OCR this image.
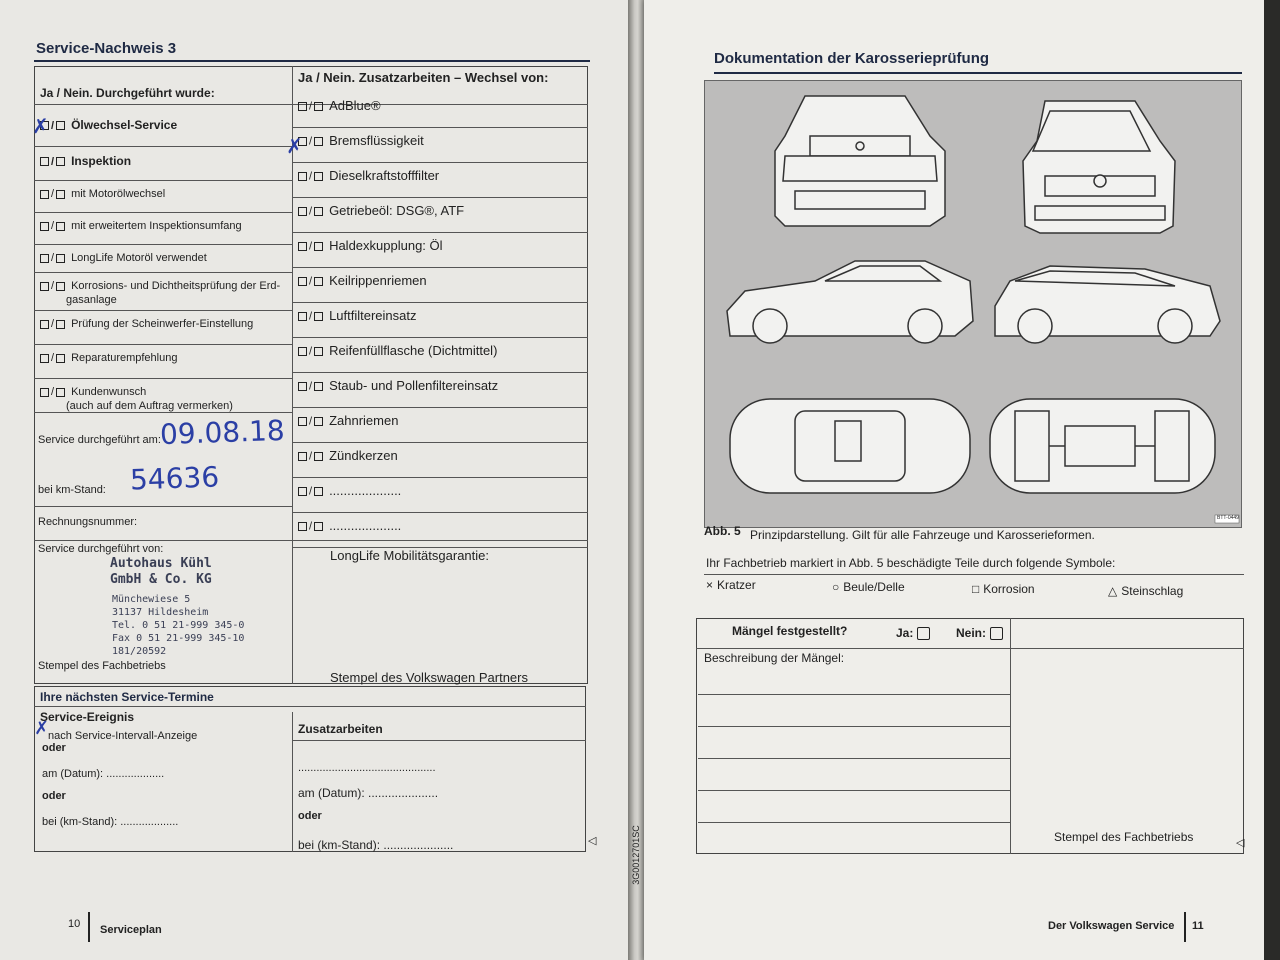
Service-Nachweis 3
Ja / Nein. Durchgeführt wurde:
Ja / Nein. Zusatzarbeiten – Wechsel von:
/ Ölwechsel-Service
/ Inspektion
/ mit Motorölwechsel
/ mit erweitertem Inspektionsumfang
/ LongLife Motoröl verwendet
/ Korrosions- und Dichtheitsprüfung der Erd-
gasanlage
/ Prüfung der Scheinwerfer-Einstellung
/ Reparaturempfehlung
/ Kundenwunsch
(auch auf dem Auftrag vermerken)
/ AdBlue®
/ Bremsflüssigkeit
/ Dieselkraftstofffilter
/ Getriebeöl: DSG®, ATF
/ Haldexkupplung: Öl
/ Keilrippenriemen
/ Luftfiltereinsatz
/ Reifenfüllflasche (Dichtmittel)
/ Staub- und Pollenfiltereinsatz
/ Zahnriemen
/ Zündkerzen
/ ....................
/ ....................
✗
✗
Service durchgeführt am:
09.08.18
bei km-Stand: 54636
Rechnungsnummer:
Service durchgeführt von:	LongLife Mobilitätsgarantie:
Autohaus Kühl
GmbH & Co. KG
Münchewiese 5
31137 Hildesheim
Tel. 0 51 21-999 345-0
Fax 0 51 21-999 345-10
181/20592
Stempel des Fachbetriebs
Stempel des Volkswagen Partners
Ihre nächsten Service-Termine
Service-Ereignis
Zusatzarbeiten
nach Service-Intervall-Anzeige
✗
oder
am (Datum): ...................
oder
bei (km-Stand): ...................
.............................................
am (Datum): .....................
oder
bei (km-Stand): .....................	◁
10 Serviceplan
Dokumentation der Karosserieprüfung
BTT-0449
Abb. 5 Prinzipdarstellung. Gilt für alle Fahrzeuge und Karosserieformen.
Ihr Fachbetrieb markiert in Abb. 5 beschädigte Teile durch folgende Symbole:
× Kratzer	○ Beule/Delle	□ Korrosion	△ Steinschlag
Mängel festgestellt?	Ja:	Nein:
Beschreibung der Mängel:
Stempel des Fachbetriebs	◁
3G0012701SC
Der Volkswagen Service 11
